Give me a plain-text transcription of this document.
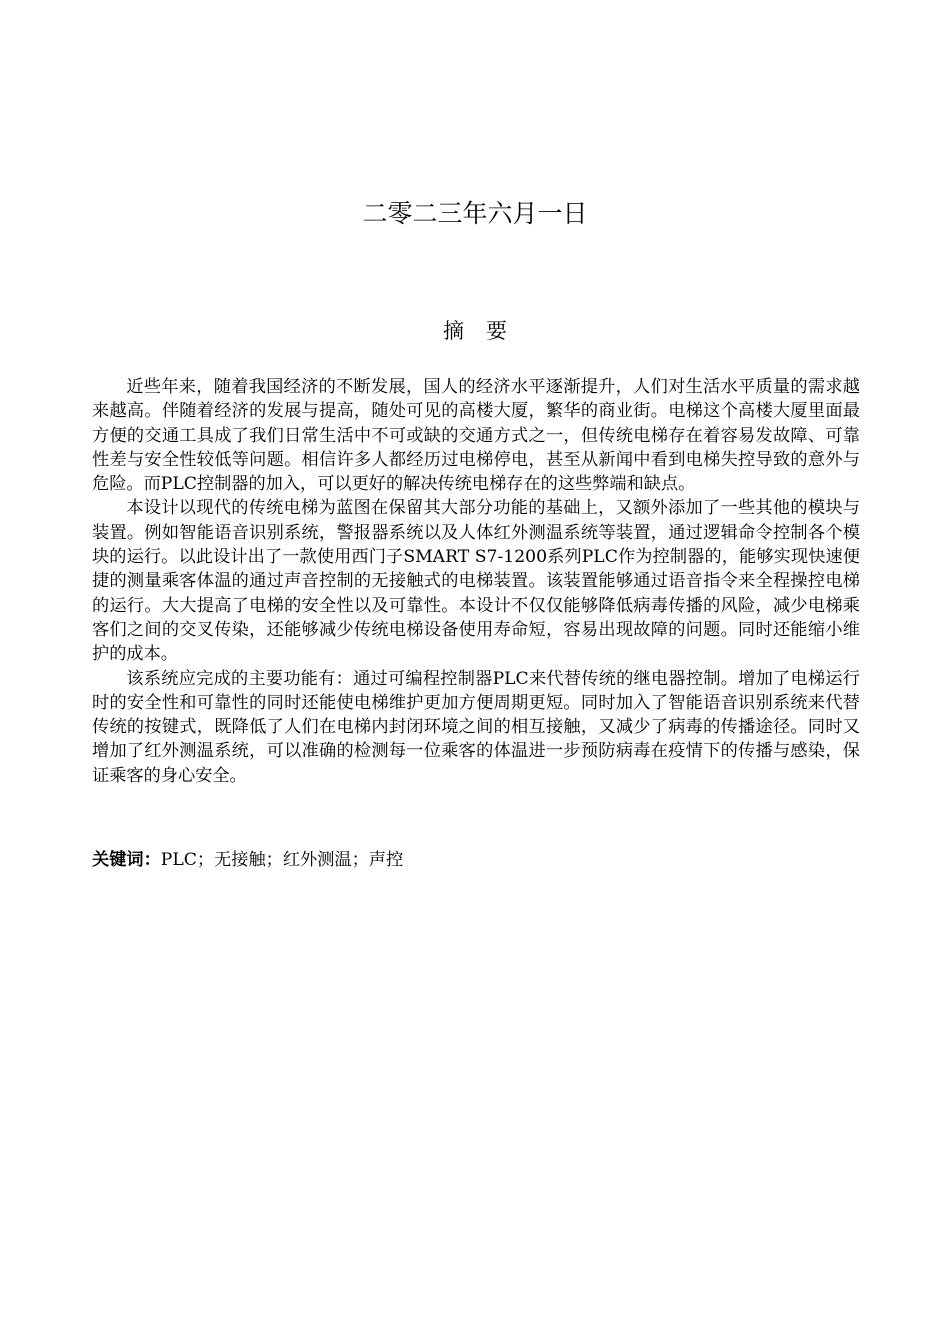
二零二三年六月一日
摘要

近些年来，随着我国经济的不断发展，国人的经济水平逐渐提升，人们对生活水平质量的需求越来越高。伴随着经济的发展与提高，随处可见的高楼大厦，繁华的商业街。电梯这个高楼大厦里面最方便的交通工具成了我们日常生活中不可或缺的交通方式之一，但传统电梯存在着容易发故障、可靠性差与安全性较低等问题。相信许多人都经历过电梯停电，甚至从新闻中看到电梯失控导致的意外与危险。而PLC控制器的加入，可以更好的解决传统电梯存在的这些弊端和缺点。

本设计以现代的传统电梯为蓝图在保留其大部分功能的基础上，又额外添加了一些其他的模块与装置。例如智能语音识别系统，警报器系统以及人体红外测温系统等装置，通过逻辑命令控制各个模块的运行。以此设计出了一款使用西门子SMART S7-1200系列PLC作为控制器的，能够实现快速便捷的测量乘客体温的通过声音控制的无接触式的电梯装置。该装置能够通过语音指令来全程操控电梯的运行。大大提高了电梯的安全性以及可靠性。本设计不仅仅能够降低病毒传播的风险，减少电梯乘客们之间的交叉传染，还能够减少传统电梯设备使用寿命短，容易出现故障的问题。同时还能缩小维护的成本。

该系统应完成的主要功能有：通过可编程控制器PLC来代替传统的继电器控制。增加了电梯运行时的安全性和可靠性的同时还能使电梯维护更加方便周期更短。同时加入了智能语音识别系统来代替传统的按键式，既降低了人们在电梯内封闭环境之间的相互接触，又减少了病毒的传播途径。同时又增加了红外测温系统，可以准确的检测每一位乘客的体温进一步预防病毒在疫情下的传播与感染，保证乘客的身心安全。

关键词：PLC；无接触；红外测温；声控
